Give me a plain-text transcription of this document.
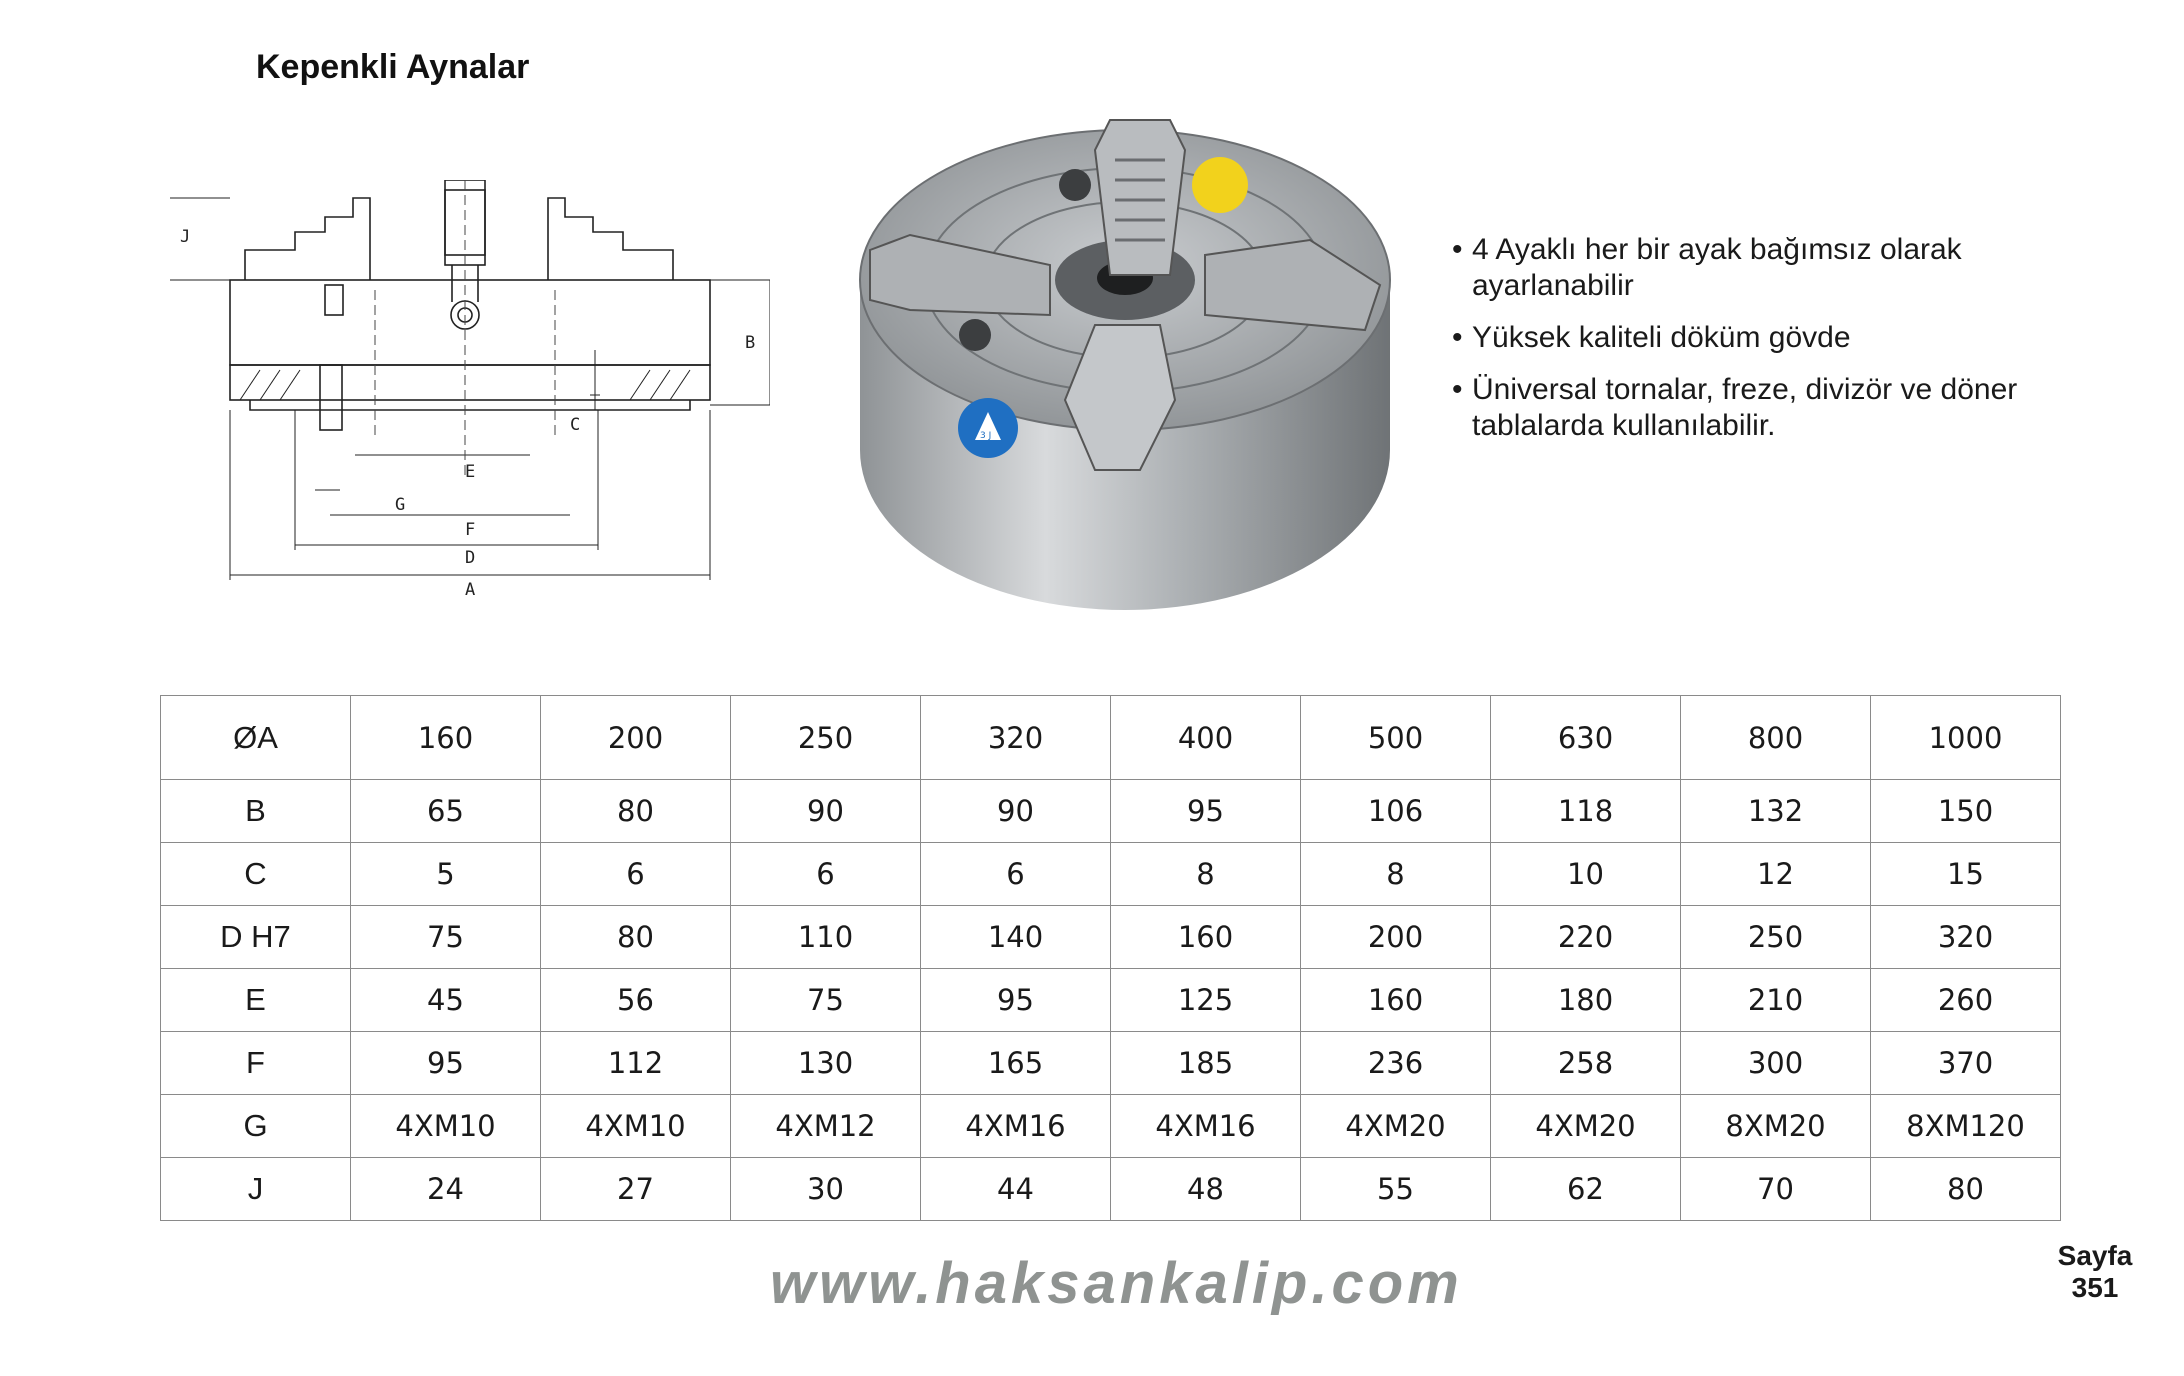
Kepenkli Aynalar
J
B
C
E
G
F
D
A
3 J
• 4 Ayaklı her bir ayak bağımsız olarak ayarlanabilir
• Yüksek kaliteli döküm gövde
• Üniversal tornalar, freze, divizör ve döner tablalarda kullanılabilir.
ØA	160	200	250	320	400	500	630	800	1000
B	65	80	90	90	95	106	118	132	150
C	5	6	6	6	8	8	10	12	15
D H7	75	80	110	140	160	200	220	250	320
E	45	56	75	95	125	160	180	210	260
F	95	112	130	165	185	236	258	300	370
G	4XM10	4XM10	4XM12	4XM16	4XM16	4XM20	4XM20	8XM20	8XM120
J	24	27	30	44	48	55	62	70	80
www.haksankalip.com	Sayfa
351
